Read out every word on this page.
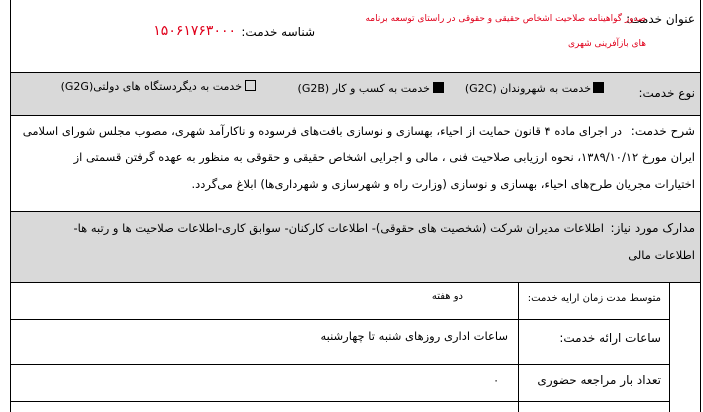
عنوان خدمت:
صدور گواهینامه صلاحیت اشخاص حقیقی و حقوقی در راستای توسعه برنامه
های بازآفرینی شهری
شناسه خدمت:
۱۵۰۶۱۷۶۳۰۰۰
نوع خدمت:
خدمت به شهروندان (G2C)
خدمت به کسب و کار (G2B)
خدمت به دیگردستگاه های دولتی(G2G)
شرح خدمت:
در اجرای ماده ۴ قانون حمایت از احیاء، بهسازی و نوسازی بافت‌های فرسوده و ناکارآمد شهری، مصوب مجلس شورای اسلامی
ایران مورخ ۱۳۸۹/۱۰/۱۲، نحوه ارزیابی صلاحیت فنی ، مالی و اجرایی اشخاص حقیقی و حقوقی به منظور به عهده گرفتن قسمتی از
اختیارات مجریان طرح‌های احیاء، بهسازی و نوسازی (وزارت راه و شهرسازی و شهرداری‌ها) ابلاغ می‌گردد.
مدارک مورد نیاز:
اطلاعات مدیران شرکت (شخصیت های حقوقی)- اطلاعات کارکنان- سوابق کاری-اطلاعات صلاحیت ها و رتبه ها-
اطلاعات مالی
متوسط مدت زمان ارایه خدمت:
دو هفته
ساعات ارائه خدمت:
ساعات اداری روزهای شنبه تا چهارشنبه
تعداد بار مراجعه حضوری
۰
